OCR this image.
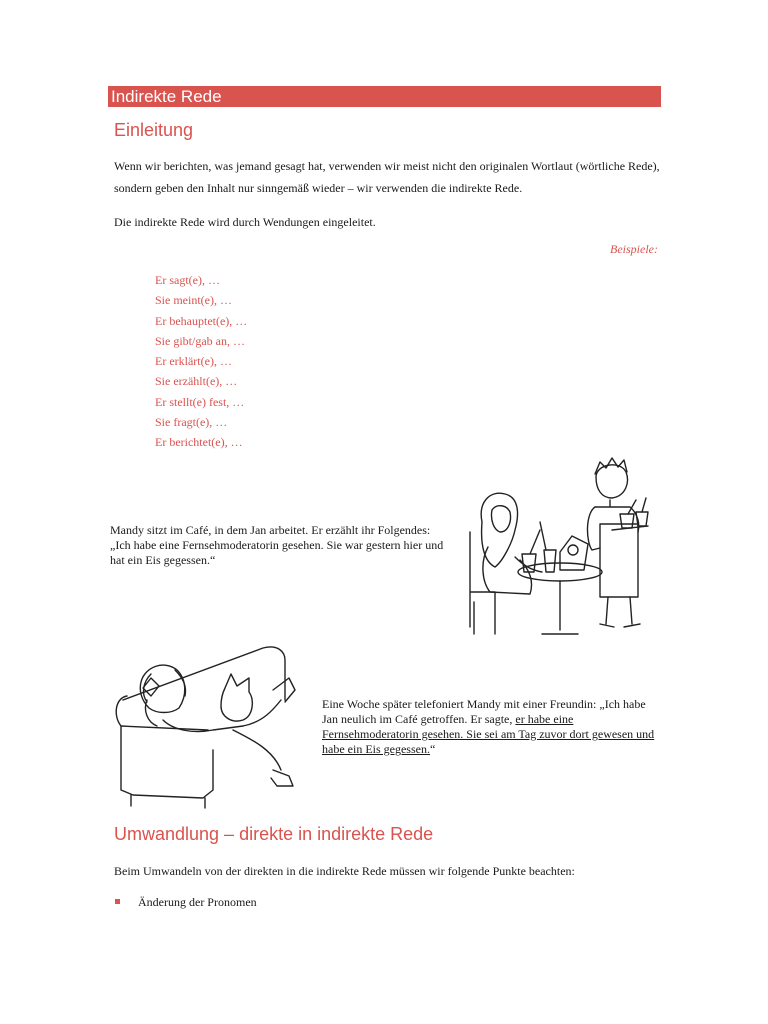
Indirekte Rede
Einleitung

Wenn wir berichten, was jemand gesagt hat, verwenden wir meist nicht den originalen Wortlaut (wörtliche Rede), sondern geben den Inhalt nur sinngemäß wieder – wir verwenden die indirekte Rede.

Die indirekte Rede wird durch Wendungen eingeleitet.

Beispiele:
Er sagt(e), …
Sie meint(e), …
Er behauptet(e), …
Sie gibt/gab an, …
Er erklärt(e), …
Sie erzählt(e), …
Er stellt(e) fest, …
Sie fragt(e), …
Er berichtet(e), …

Mandy sitzt im Café, in dem Jan arbeitet. Er erzählt ihr Folgendes: „Ich habe eine Fernsehmoderatorin gesehen. Sie war gestern hier und hat ein Eis gegessen.“

Eine Woche später telefoniert Mandy mit einer Freundin: „Ich habe Jan neulich im Café getroffen. Er sagte, er habe eine Fernsehmoderatorin gesehen. Sie sei am Tag zuvor dort gewesen und habe ein Eis gegessen.“

Umwandlung – direkte in indirekte Rede

Beim Umwandeln von der direkten in die indirekte Rede müssen wir folgende Punkte beachten:

Änderung der Pronomen
